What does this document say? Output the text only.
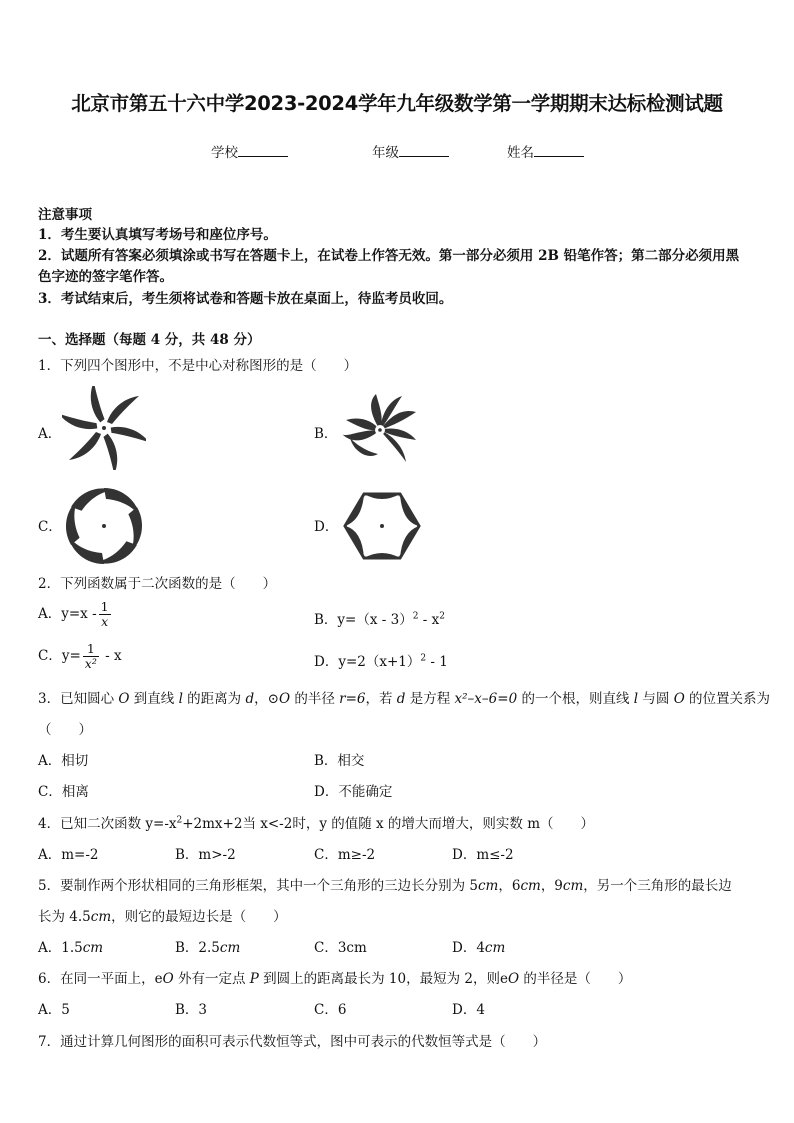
北京市第五十六中学2023-2024学年九年级数学第一学期期末达标检测试题
学校	年级	姓名
注意事项
1．考生要认真填写考场号和座位序号。
2．试题所有答案必须填涂或书写在答题卡上，在试卷上作答无效。第一部分必须用 2B 铅笔作答；第二部分必须用黑
色字迹的签字笔作答。
3．考试结束后，考生须将试卷和答题卡放在桌面上，待监考员收回。
一、选择题（每题 4 分，共 48 分）
1．下列四个图形中，不是中心对称图形的是（　　）
A．	B．
C．	D．
2．下列函数属于二次函数的是（　　）
A．$y=x - \frac{1}{x}$	B．$y=(x - 3)^2 - x^2$
C．$y= \frac{1}{\text{x²}} - x$	D．$y=2(x+1)^2 - 1$
3．已知圆心 O 到直线 l 的距离为 d，⊙O 的半径 r=6，若 d 是方程 x²–x–6=0 的一个根，则直线 l 与圆 O 的位置关系为
（　　）
A．相切	B．相交
C．相离	D．不能确定
4．已知二次函数 $y=-x^2+2mx+2$当 x<-2时，y 的值随 x 的增大而增大，则实数 m（　　）
A．m=-2	B．m>-2	C．m≥-2	D．m≤-2
5．要制作两个形状相同的三角形框架，其中一个三角形的三边长分别为 5cm，6cm，9cm，另一个三角形的最长边
长为 4.5cm，则它的最短边长是（　　）
A．1.5cm	B．2.5cm	C．3cm	D．4cm
6．在同一平面上，eO 外有一定点 P 到圆上的距离最长为 10，最短为 2，则eO 的半径是（　　）
A．5	B．3	C．6	D．4
7．通过计算几何图形的面积可表示代数恒等式，图中可表示的代数恒等式是（　　）
